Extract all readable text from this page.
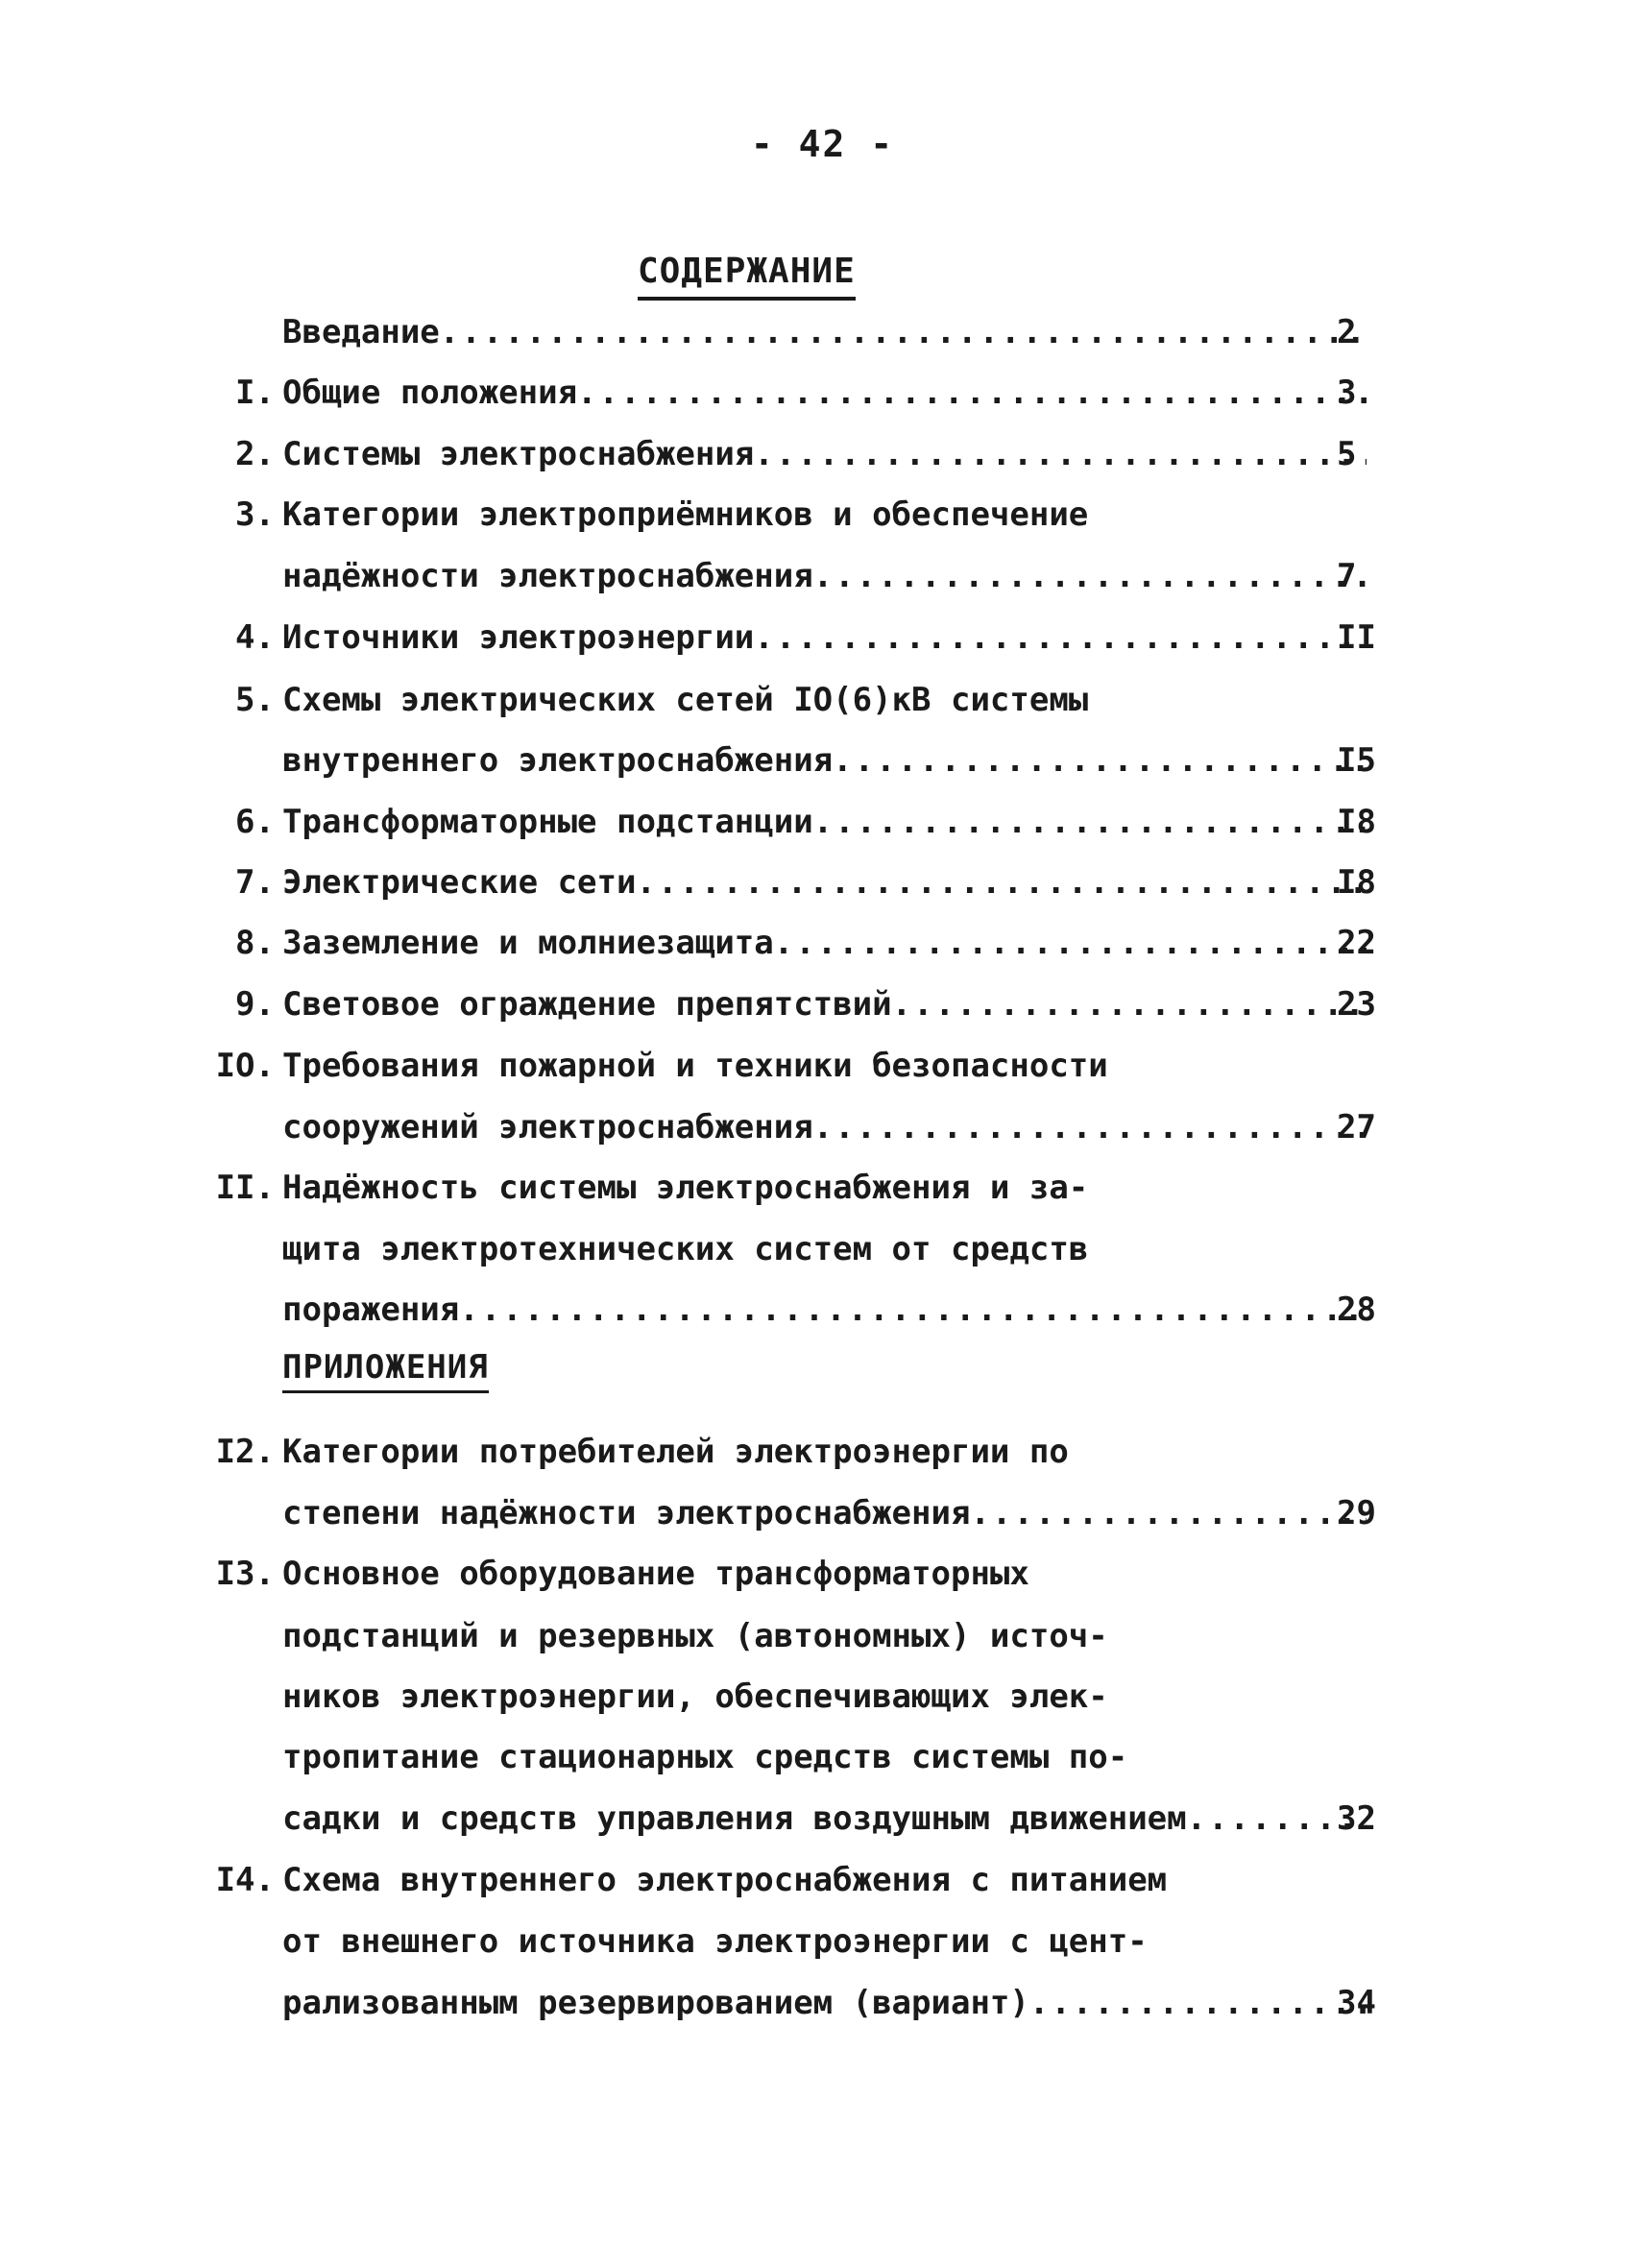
- 42 -
СОДЕРЖАНИЕ
Введание .....	2
I. Общие положения .....	3
2. Системы электроснабжения .....	5
3. Категории электроприёмников и обеспечение
надёжности электроснабжения .....	7
4. Источники электроэнергии .....	II
5. Схемы электрических сетей IO(6)кВ системы
внутреннего электроснабжения .....	I5
6. Трансформаторные подстанции .....	I8
7. Электрические сети .....	I8
8. Заземление и молниезащита .....	22
9. Световое ограждение препятствий .....	23
IO. Требования пожарной и техники безопасности
сооружений электроснабжения .....	27
II. Надёжность системы электроснабжения и за-
щита электротехнических систем от средств
поражения .....	28
I2. Категории потребителей электроэнергии по
степени надёжности электроснабжения .....	29
I3. Основное оборудование трансформаторных
подстанций и резервных (автономных) источ-
ников электроэнергии, обеспечивающих элек-
тропитание стационарных средств системы по-
садки и средств управления воздушным движением .....	32
I4. Схема внутреннего электроснабжения с питанием
от внешнего источника электроэнергии с цент-
рализованным резервированием (вариант) .....	34
ПРИЛОЖЕНИЯ
